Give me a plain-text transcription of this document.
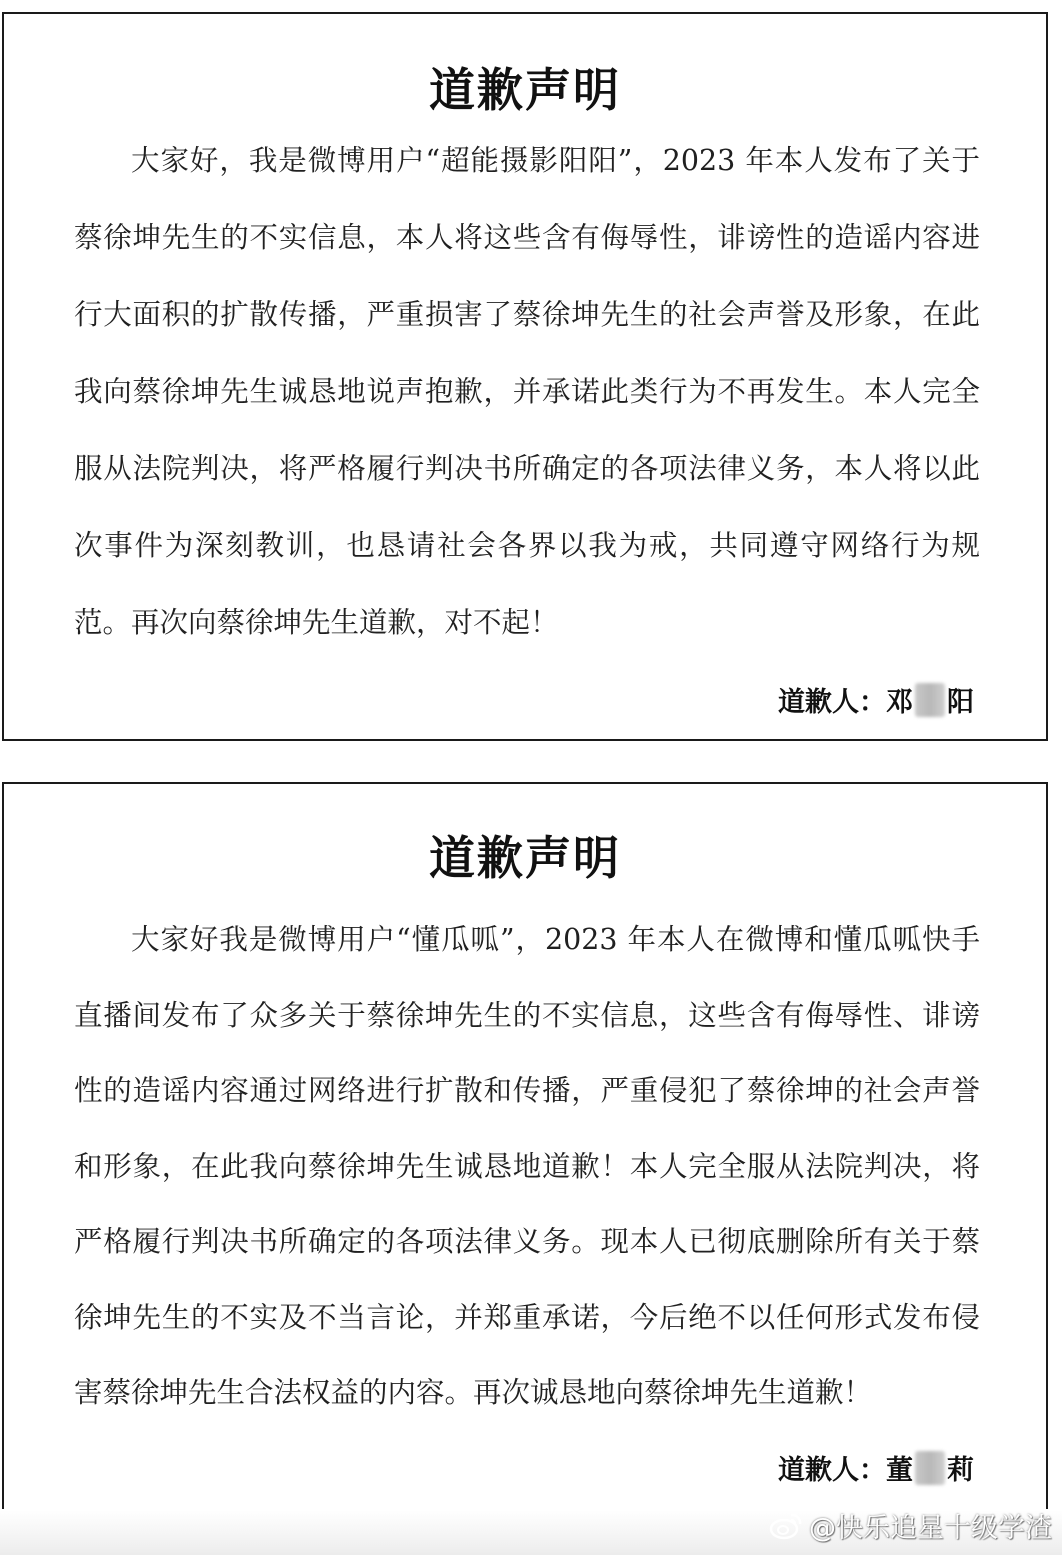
道歉声明

大家好，我是微博用户“超能摄影阳阳”，2023 年本人发布了关于蔡徐坤先生的不实信息，本人将这些含有侮辱性，诽谤性的造谣内容进行大面积的扩散传播，严重损害了蔡徐坤先生的社会声誉及形象，在此我向蔡徐坤先生诚恳地说声抱歉，并承诺此类行为不再发生。本人完全服从法院判决，将严格履行判决书所确定的各项法律义务，本人将以此次事件为深刻教训，也恳请社会各界以我为戒，共同遵守网络行为规范。再次向蔡徐坤先生道歉，对不起！

道歉人： 邓 阳
道歉声明

大家好我是微博用户“懂瓜呱”，2023 年本人在微博和懂瓜呱快手直播间发布了众多关于蔡徐坤先生的不实信息，这些含有侮辱性、诽谤性的造谣内容通过网络进行扩散和传播，严重侵犯了蔡徐坤的社会声誉和形象，在此我向蔡徐坤先生诚恳地道歉！本人完全服从法院判决，将严格履行判决书所确定的各项法律义务。现本人已彻底删除所有关于蔡徐坤先生的不实及不当言论，并郑重承诺，今后绝不以任何形式发布侵害蔡徐坤先生合法权益的内容。再次诚恳地向蔡徐坤先生道歉！

道歉人： 董 莉
@快乐追星十级学渣
